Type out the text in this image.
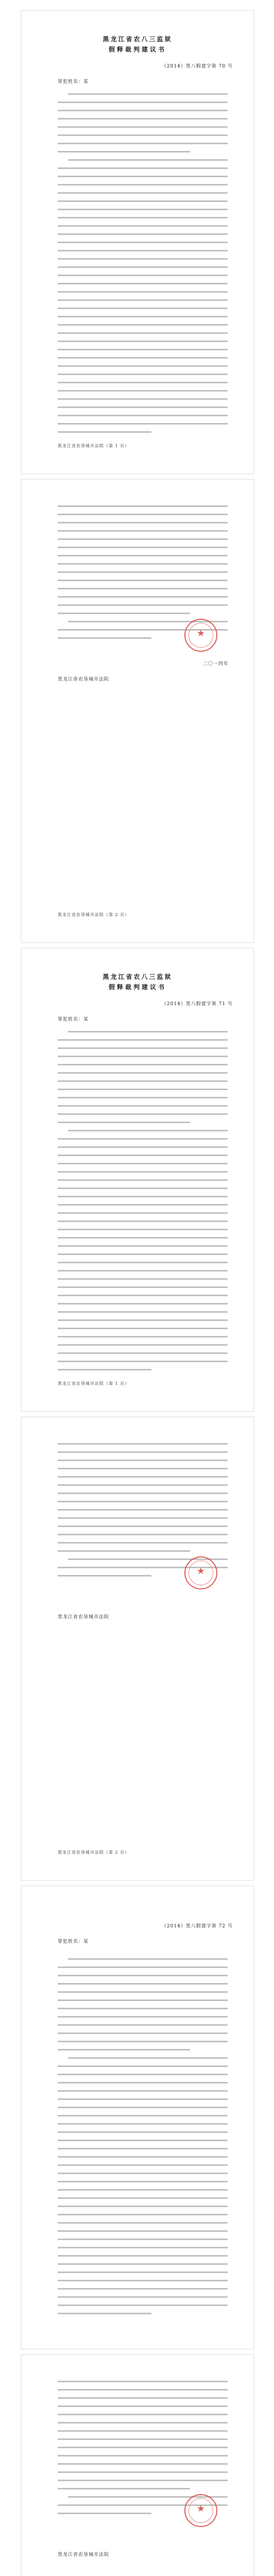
黑龙江省农八三监狱
假释裁判建议书
（2014）黑八假建字第 70 号
罪犯姓名：某
黑龙江省农垦城市法院（第 1 页）
★
二〇一四年
黑龙江省农垦城市法院
黑龙江省农垦城市法院（第 2 页）
黑龙江省农八三监狱
假释裁判建议书
（2014）黑八假建字第 71 号
罪犯姓名：某
黑龙江省农垦城市法院（第 1 页）
★
黑龙江省农垦城市法院
黑龙江省农垦城市法院（第 2 页）
（2014）黑八假建字第 72 号
罪犯姓名：某
★
黑龙江省农垦城市法院
